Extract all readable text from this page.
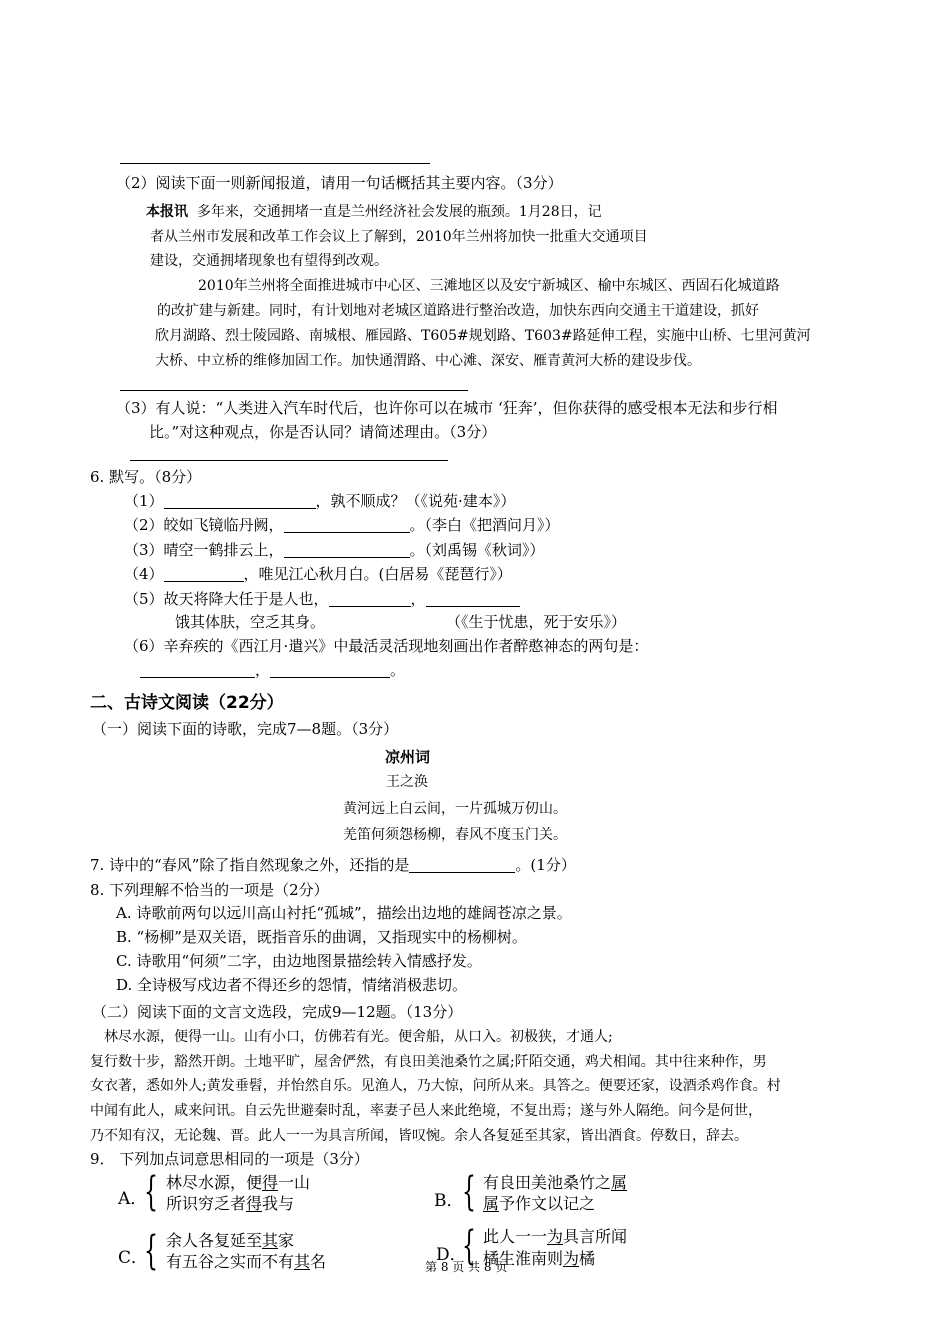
（2）阅读下面一则新闻报道，请用一句话概括其主要内容。（3分）
本报讯 多年来，交通拥堵一直是兰州经济社会发展的瓶颈。1月28日，记
者从兰州市发展和改革工作会议上了解到，2010年兰州将加快一批重大交通项目
建设，交通拥堵现象也有望得到改观。
2010年兰州将全面推进城市中心区、三滩地区以及安宁新城区、榆中东城区、西固石化城道路
的改扩建与新建。同时，有计划地对老城区道路进行整治改造，加快东西向交通主干道建设，抓好
欣月湖路、烈士陵园路、南城根、雁园路、T605#规划路、T603#路延伸工程，实施中山桥、七里河黄河
大桥、中立桥的维修加固工作。加快通渭路、中心滩、深安、雁青黄河大桥的建设步伐。
（3）有人说：“人类进入汽车时代后，也许你可以在城市 ‘狂奔’，但你获得的感受根本无法和步行相
比。”对这种观点，你是否认同？请简述理由。（3分）
6. 默写。（8分）
（1）	，孰不顺成？（《说苑·建本》）
（2）皎如飞镜临丹阙，	。（李白《把酒问月》）
（3）晴空一鹤排云上，	。（刘禹锡《秋词》）
（4）	，唯见江心秋月白。(白居易《琵琶行》）
（5）故天将降大任于是人也，	，
饿其体肤，空乏其身。	（《生于忧患，死于安乐》）
（6）辛弃疾的《西江月·遣兴》中最活灵活现地刻画出作者醉憨神态的两句是：
，	。
二、古诗文阅读（22分）
（一）阅读下面的诗歌，完成7—8题。（3分）
凉州词
王之涣
黄河远上白云间，一片孤城万仞山。
羌笛何须怨杨柳，春风不度玉门关。
7. 诗中的“春风”除了指自然现象之外，还指的是	。(1分）
8. 下列理解不恰当的一项是（2分）
A. 诗歌前两句以远川高山衬托“孤城”，描绘出边地的雄阔苍凉之景。
B. “杨柳”是双关语，既指音乐的曲调，又指现实中的杨柳树。
C. 诗歌用“何须”二字，由边地图景描绘转入情感抒发。
D. 全诗极写戍边者不得还乡的怨情，情绪消极悲切。
（二）阅读下面的文言文选段，完成9—12题。（13分）
林尽水源，便得一山。山有小口，仿佛若有光。便舍船，从口入。初极狭，才通人;
复行数十步，豁然开朗。土地平旷，屋舍俨然，有良田美池桑竹之属;阡陌交通，鸡犬相闻。其中往来种作，男
女衣著，悉如外人;黄发垂髫，并怡然自乐。见渔人，乃大惊，问所从来。具答之。便要还家，设酒杀鸡作食。村
中闻有此人，咸来问讯。自云先世避秦时乱，率妻子邑人来此绝境，不复出焉；遂与外人隔绝。问今是何世，
乃不知有汉，无论魏、晋。此人一一为具言所闻，皆叹惋。余人各复延至其家，皆出酒食。停数日，辞去。
9． 下列加点词意思相同的一项是（3分）
A．
{ 林尽水源，便得一山
所识穷乏者得我与	B．
{ 有良田美池桑竹之属
属予作文以记之
C．
{ 余人各复延至其家
有五谷之实而不有其名	D．
{ 此人一一为具言所闻
橘生淮南则为橘
第 8 页 共 8 页
